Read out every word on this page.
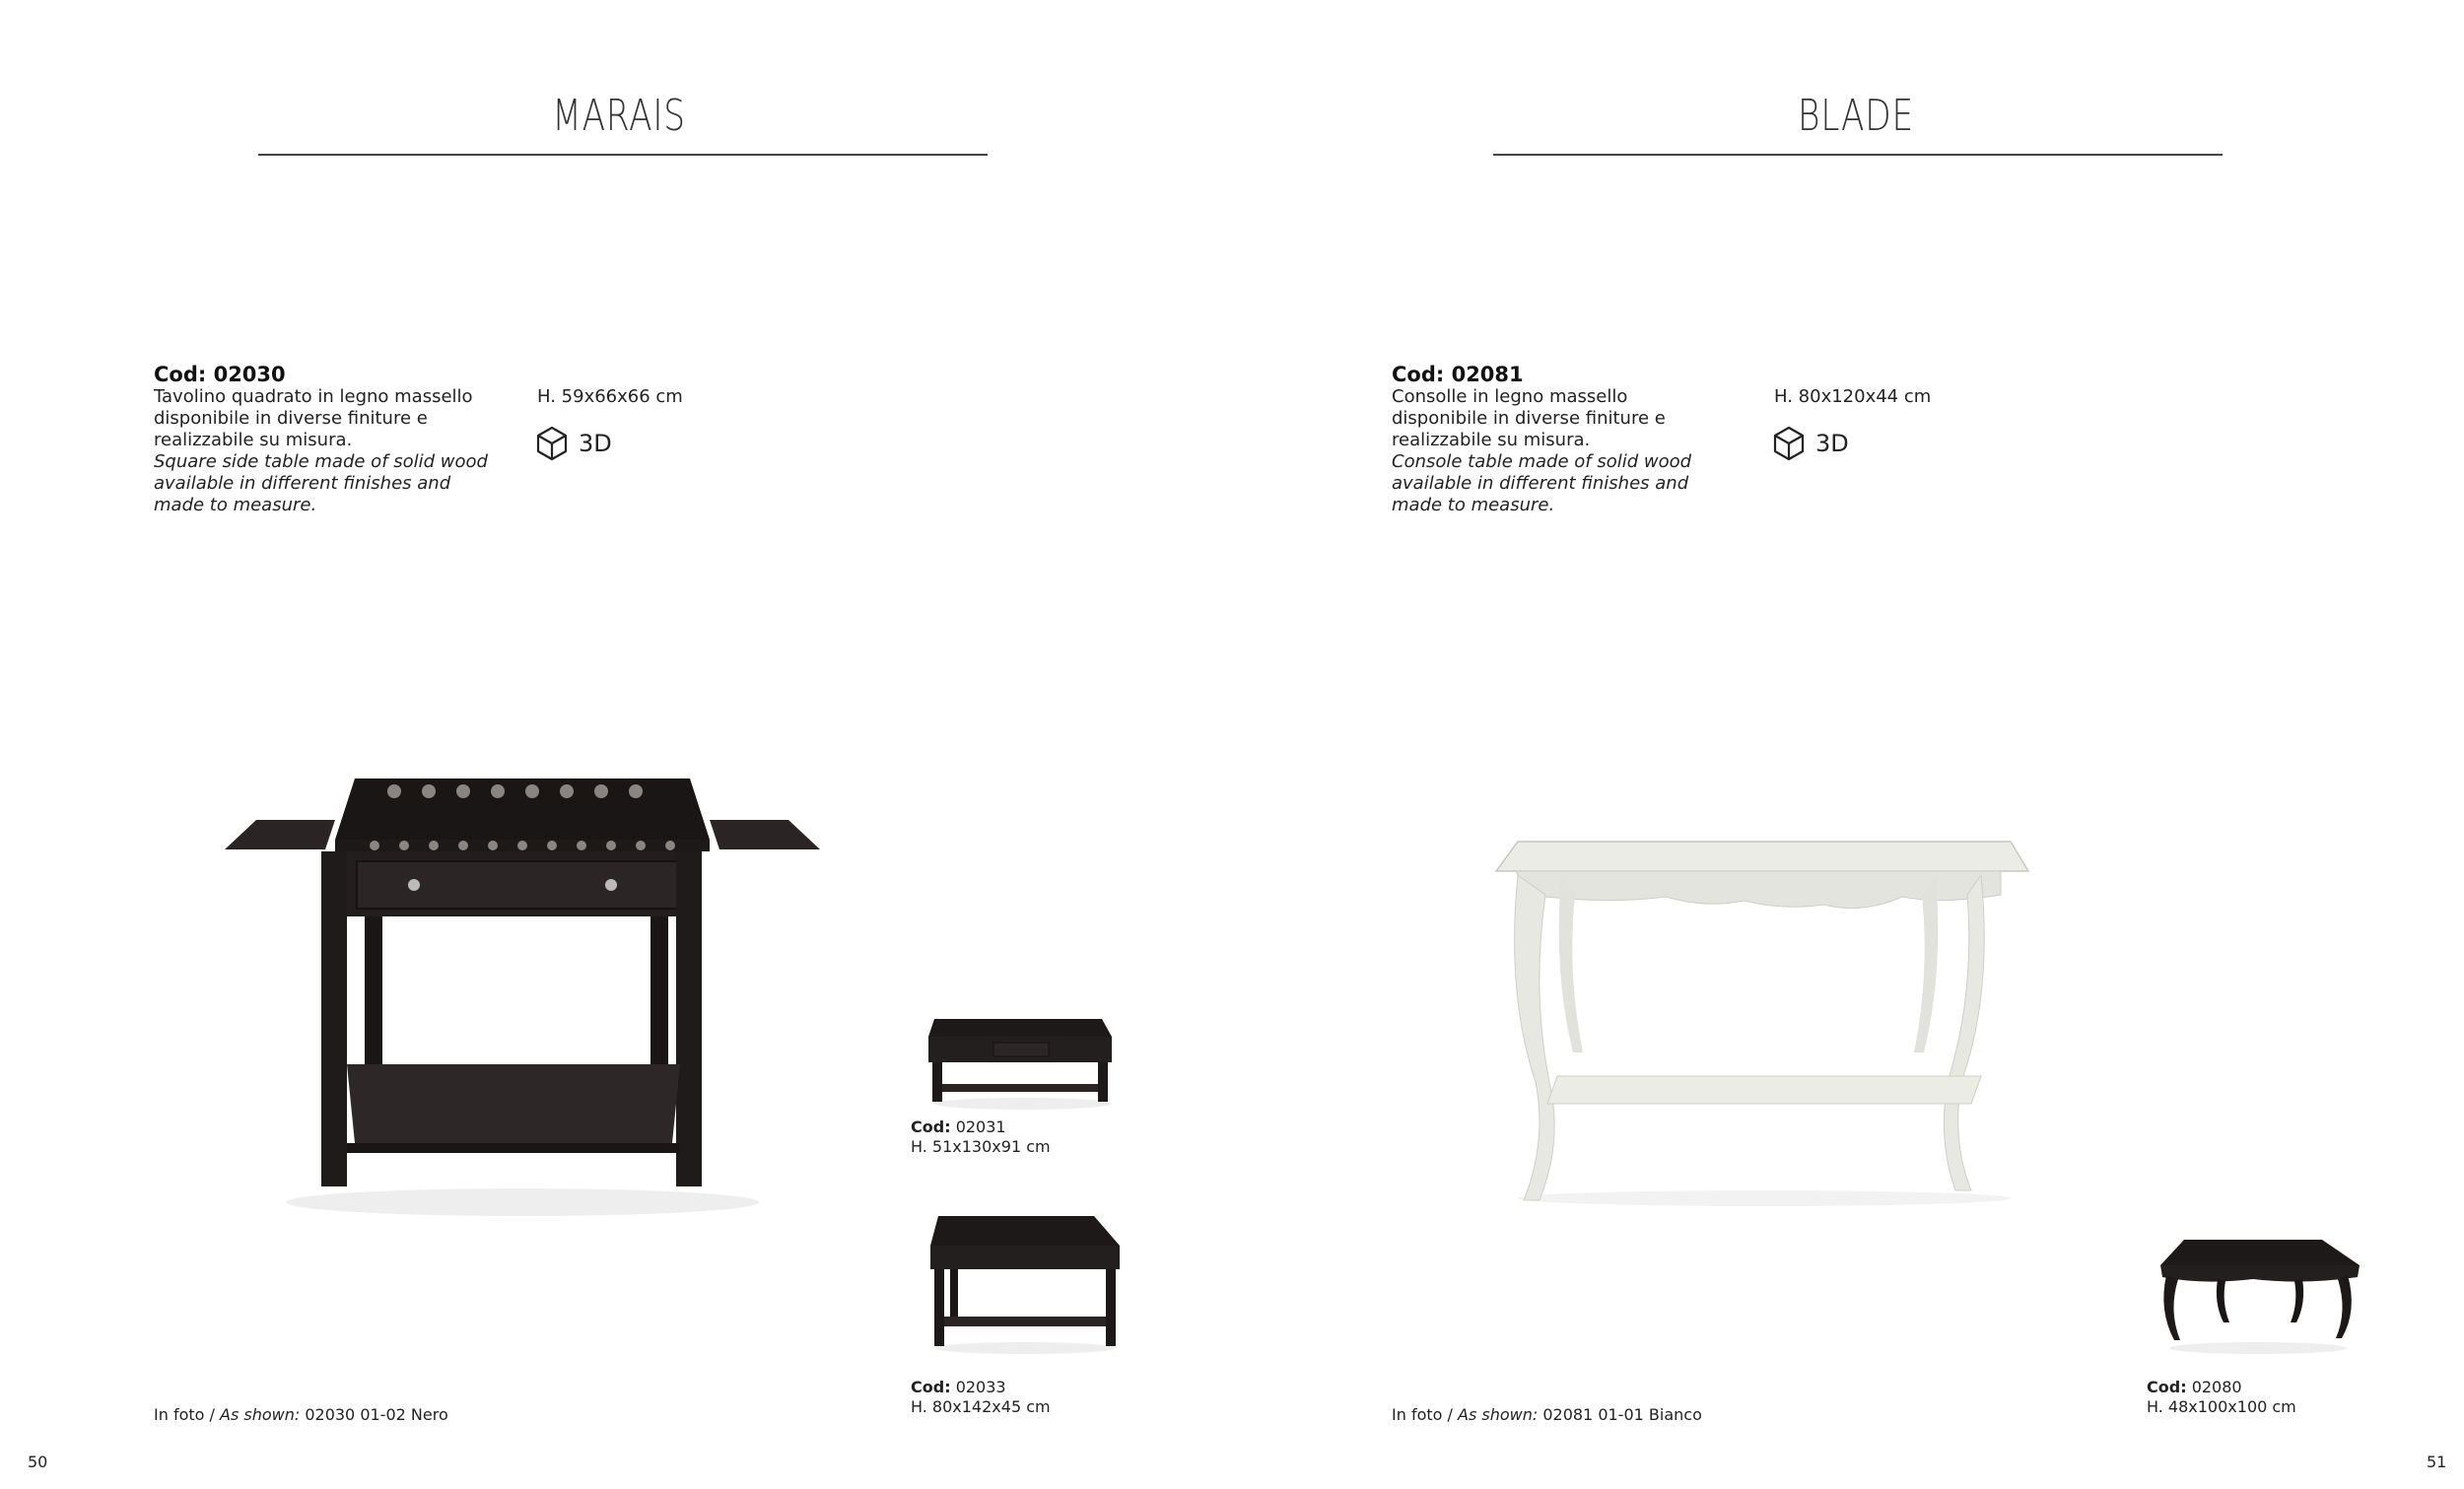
MARAIS
Cod: 02030
Tavolino quadrato in legno massello disponibile in diverse finiture e realizzabile su misura.
Square side table made of solid wood available in different finishes and made to measure.
H. 59x66x66 cm
3D
Cod: 02031
H. 51x130x91 cm
Cod: 02033
H. 80x142x45 cm
In foto / As shown: 02030 01-02 Nero
50
BLADE
Cod: 02081
Consolle in legno massello disponibile in diverse finiture e realizzabile su misura.
Console table made of solid wood available in different finishes and made to measure.
H. 80x120x44 cm
3D
Cod: 02080
H. 48x100x100 cm
In foto / As shown: 02081 01-01 Bianco
51
